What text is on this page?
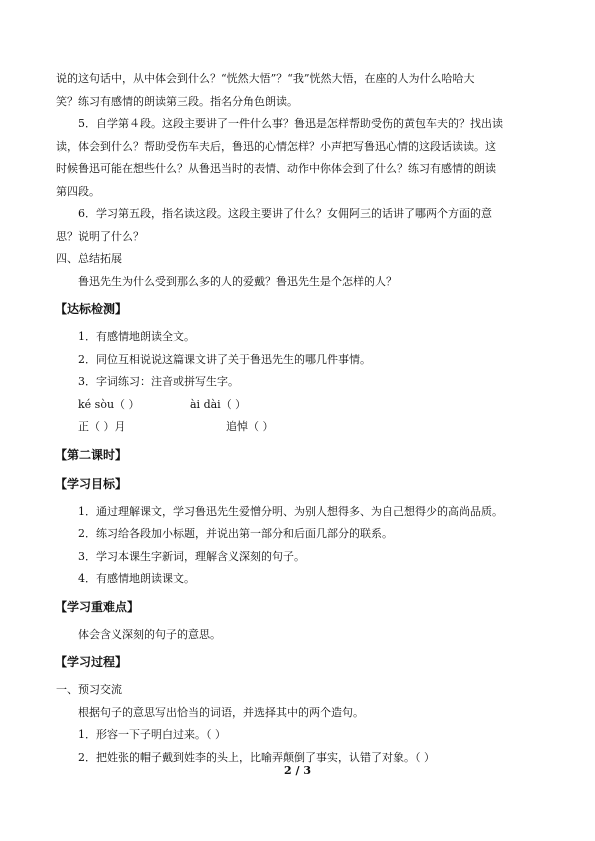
说的这句话中，从中体会到什么？“恍然大悟”？“我”恍然大悟，在座的人为什么哈哈大

笑？练习有感情的朗读第三段。指名分角色朗读。

5．自学第４段。这段主要讲了一件什么事？鲁迅是怎样帮助受伤的黄包车夫的？找出读

读，体会到什么？帮助受伤车夫后，鲁迅的心情怎样？小声把写鲁迅心情的这段话读读。这

时候鲁迅可能在想些什么？从鲁迅当时的表情、动作中你体会到了什么？练习有感情的朗读

第四段。

6．学习第五段，指名读这段。这段主要讲了什么？女佣阿三的话讲了哪两个方面的意

思？说明了什么？

四、总结拓展

鲁迅先生为什么受到那么多的人的爱戴？鲁迅先生是个怎样的人？

【达标检测】

1．有感情地朗读全文。

2．同位互相说说这篇课文讲了关于鲁迅先生的哪几件事情。

3．字词练习：注音或拼写生字。

ké sòu（ ）	ài dài（ ）
正（ ）月	追悼（ ）
【第二课时】
【学习目标】

1．通过理解课文，学习鲁迅先生爱憎分明、为别人想得多、为自己想得少的高尚品质。

2．练习给各段加小标题，并说出第一部分和后面几部分的联系。

3．学习本课生字新词，理解含义深刻的句子。

4．有感情地朗读课文。

【学习重难点】

体会含义深刻的句子的意思。

【学习过程】

一、预习交流

根据句子的意思写出恰当的词语，并选择其中的两个造句。

1．形容一下子明白过来。（ ）

2．把姓张的帽子戴到姓李的头上，比喻弄颠倒了事实，认错了对象。（ ）

2 / 3
